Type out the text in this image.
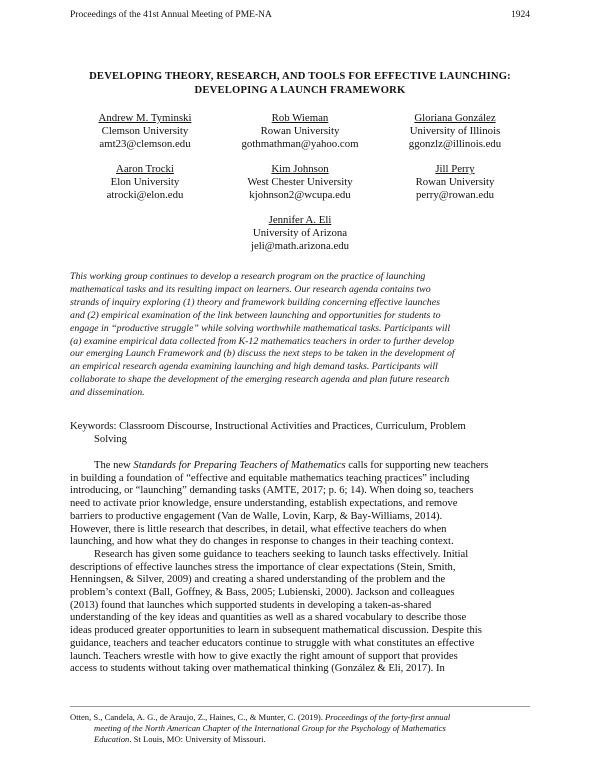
Proceedings of the 41st Annual Meeting of PME-NA	1924
DEVELOPING THEORY, RESEARCH, AND TOOLS FOR EFFECTIVE LAUNCHING:
DEVELOPING A LAUNCH FRAMEWORK
Andrew M. Tyminski
Clemson University
amt23@clemson.edu
Rob Wieman
Rowan University
gothmathman@yahoo.com
Gloriana González
University of Illinois
ggonzlz@illinois.edu
Aaron Trocki
Elon University
atrocki@elon.edu
Kim Johnson
West Chester University
kjohnson2@wcupa.edu
Jill Perry
Rowan University
perry@rowan.edu
Jennifer A. Eli
University of Arizona
jeli@math.arizona.edu
This working group continues to develop a research program on the practice of launching
mathematical tasks and its resulting impact on learners. Our research agenda contains two
strands of inquiry exploring (1) theory and framework building concerning effective launches
and (2) empirical examination of the link between launching and opportunities for students to
engage in “productive struggle” while solving worthwhile mathematical tasks. Participants will
(a) examine empirical data collected from K-12 mathematics teachers in order to further develop
our emerging Launch Framework and (b) discuss the next steps to be taken in the development of
an empirical research agenda examining launching and high demand tasks. Participants will
collaborate to shape the development of the emerging research agenda and plan future research
and dissemination.
Keywords: Classroom Discourse, Instructional Activities and Practices, Curriculum, Problem
Solving

The new Standards for Preparing Teachers of Mathematics calls for supporting new teachers

in building a foundation of “effective and equitable mathematics teaching practices” including
introducing, or “launching” demanding tasks (AMTE, 2017; p. 6; 14). When doing so, teachers
need to activate prior knowledge, ensure understanding, establish expectations, and remove
barriers to productive engagement (Van de Walle, Lovin, Karp, & Bay-Williams, 2014).
However, there is little research that describes, in detail, what effective teachers do when
launching, and how what they do changes in response to changes in their teaching context.

Research has given some guidance to teachers seeking to launch tasks effectively. Initial

descriptions of effective launches stress the importance of clear expectations (Stein, Smith,
Henningsen, & Silver, 2009) and creating a shared understanding of the problem and the
problem’s context (Ball, Goffney, & Bass, 2005; Lubienski, 2000). Jackson and colleagues
(2013) found that launches which supported students in developing a taken-as-shared
understanding of the key ideas and quantities as well as a shared vocabulary to describe those
ideas produced greater opportunities to learn in subsequent mathematical discussion. Despite this
guidance, teachers and teacher educators continue to struggle with what constitutes an effective
launch. Teachers wrestle with how to give exactly the right amount of support that provides
access to students without taking over mathematical thinking (González & Eli, 2017). In
Otten, S., Candela, A. G., de Araujo, Z., Haines, C., & Munter, C. (2019). Proceedings of the forty-first annual
meeting of the North American Chapter of the International Group for the Psychology of Mathematics
Education. St Louis, MO: University of Missouri.
